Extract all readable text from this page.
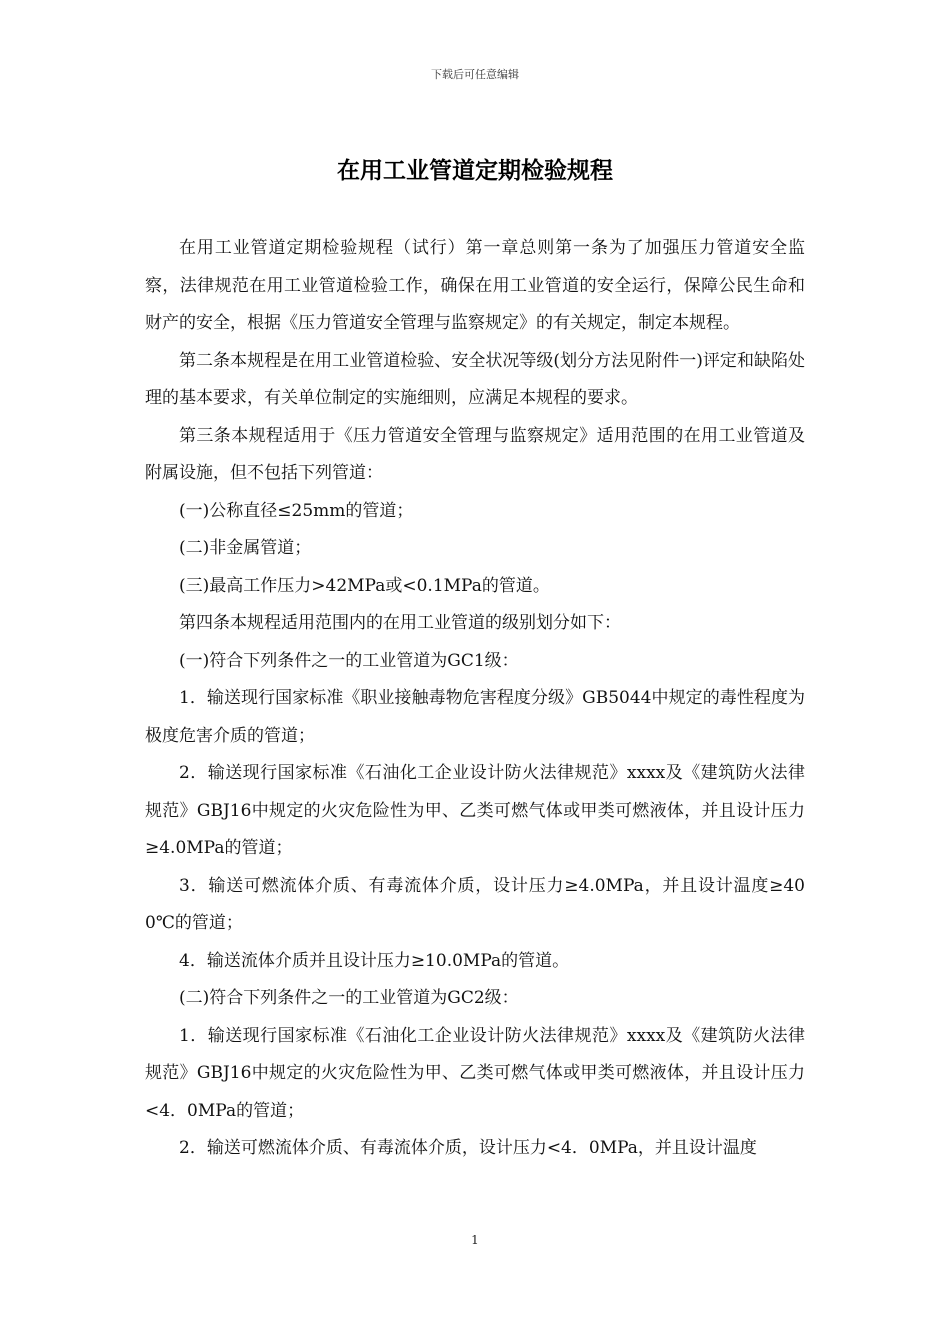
下载后可任意编辑
在用工业管道定期检验规程

在用工业管道定期检验规程（试行）第一章总则第一条为了加强压力管道安全监察，法律规范在用工业管道检验工作，确保在用工业管道的安全运行，保障公民生命和财产的安全，根据《压力管道安全管理与监察规定》的有关规定，制定本规程。

第二条本规程是在用工业管道检验、安全状况等级(划分方法见附件一)评定和缺陷处理的基本要求，有关单位制定的实施细则，应满足本规程的要求。

第三条本规程适用于《压力管道安全管理与监察规定》适用范围的在用工业管道及附属设施，但不包括下列管道：

(一)公称直径≤25mm的管道；

(二)非金属管道；

(三)最高工作压力>42MPa或<0.1MPa的管道。

第四条本规程适用范围内的在用工业管道的级别划分如下：

(一)符合下列条件之一的工业管道为GC1级：

1．输送现行国家标准《职业接触毒物危害程度分级》GB5044中规定的毒性程度为极度危害介质的管道；

2．输送现行国家标准《石油化工企业设计防火法律规范》xxxx及《建筑防火法律规范》GBJ16中规定的火灾危险性为甲、乙类可燃气体或甲类可燃液体，并且设计压力≥4.0MPa的管道；

3．输送可燃流体介质、有毒流体介质，设计压力≥4.0MPa，并且设计温度≥400℃的管道；

4．输送流体介质并且设计压力≥10.0MPa的管道。

(二)符合下列条件之一的工业管道为GC2级：

1．输送现行国家标准《石油化工企业设计防火法律规范》xxxx及《建筑防火法律规范》GBJ16中规定的火灾危险性为甲、乙类可燃气体或甲类可燃液体，并且设计压力<4．0MPa的管道；

2．输送可燃流体介质、有毒流体介质，设计压力<4．0MPa，并且设计温度

1
